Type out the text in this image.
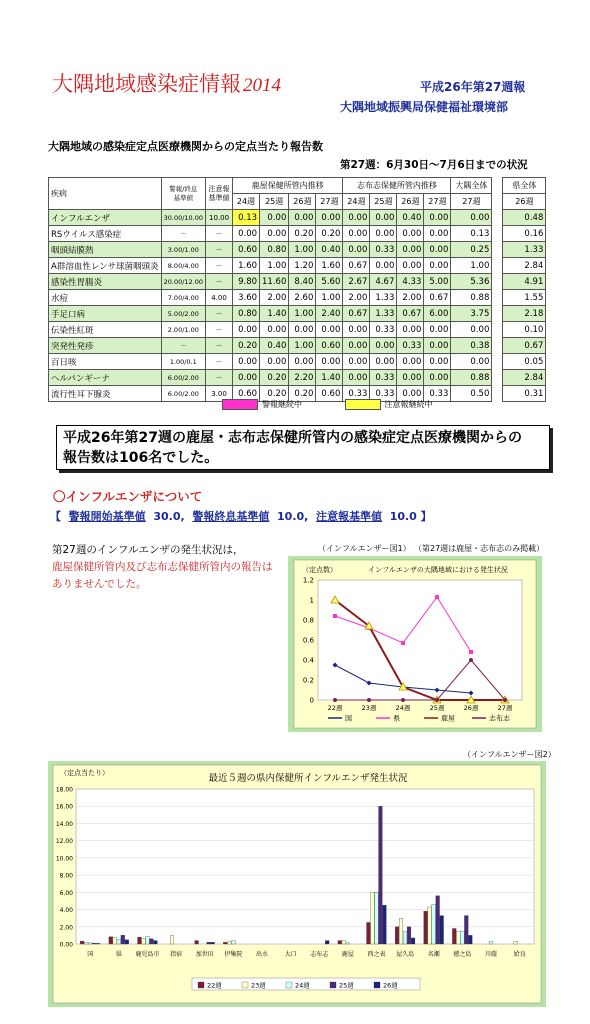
大隅地域感染症情報 2014	平成26年第27週報
大隅地域振興局保健福祉環境部
大隅地域の感染症定点医療機関からの定点当たり報告数
第27週：6月30日～7月6日までの状況
疾病	警報/終息
基準値	注意報
基準値	鹿屋保健所管内推移				志布志保健所管内推移				大隅全体		県全体
			24週	25週	26週	27週	24週	25週	26週	27週	27週		26週
インフルエンザ	30.00/10.00	10.00	0.13	0.00	0.00	0.00	0.00	0.00	0.40	0.00	0.00		0.48
RSウイルス感染症	－	－	0.00	0.00	0.20	0.20	0.00	0.00	0.00	0.00	0.13		0.16
咽頭結膜熱	3.00/1.00	－	0.60	0.80	1.00	0.40	0.00	0.33	0.00	0.00	0.25		1.33
A群溶血性レンサ球菌咽頭炎	8.00/4.00	－	1.60	1.00	1.20	1.60	0.67	0.00	0.00	0.00	1.00		2.84
感染性胃腸炎	20.00/12.00	－	9.80	11.60	8.40	5.60	2.67	4.67	4.33	5.00	5.36		4.91
水痘	7.00/4.00	4.00	3.60	2.00	2.60	1.00	2.00	1.33	2.00	0.67	0.88		1.55
手足口病	5.00/2.00	－	0.80	1.40	1.00	2.40	0.67	1.33	0.67	6.00	3.75		2.18
伝染性紅斑	2.00/1.00	－	0.00	0.00	0.00	0.00	0.00	0.33	0.00	0.00	0.00		0.10
突発性発疹	－	－	0.20	0.40	1.00	0.60	0.00	0.00	0.33	0.00	0.38		0.67
百日咳	1.00/0.1	－	0.00	0.00	0.00	0.00	0.00	0.00	0.00	0.00	0.00		0.05
ヘルパンギーナ	6.00/2.00	－	0.00	0.20	2.20	1.40	0.00	0.33	0.00	0.00	0.88		2.84
流行性耳下腺炎	6.00/2.00	3.00	0.60	0.20	0.20	0.60	0.33	0.33	0.00	0.33	0.50		0.31
警報継続中	注意報継続中
平成26年第27週の鹿屋・志布志保健所管内の感染症定点医療機関からの
報告数は106名でした。
〇インフルエンザについて
【 警報開始基準値 30.0, 警報終息基準値 10.0, 注意報基準値 10.0 】
第27週のインフルエンザの発生状況は，
鹿屋保健所管内及び志布志保健所管内の報告はありませんでした。
（インフルエンザー図1） （第27週は鹿屋・志布志のみ掲載）
インフルエンザの大隅地域における発生状況
（定点数）
0
0.2
0.4
0.6
0.8
1
1.2
22週	23週	24週	25週	26週	27週
国	県	鹿屋	志布志
（インフルエンザー図2）
最近５週の県内保健所インフルエンザ発生状況
（定点当たり）
0.00
2.00
4.00
6.00
8.00
10.00
12.00
14.00
16.00
18.00
国	県 鹿児島市 指宿 加世田 伊集院 出水	大口 志布志 鹿屋 西之表 屋久島 名瀬 徳之島 川薩	姶良
22週	23週	24週	25週	26週
